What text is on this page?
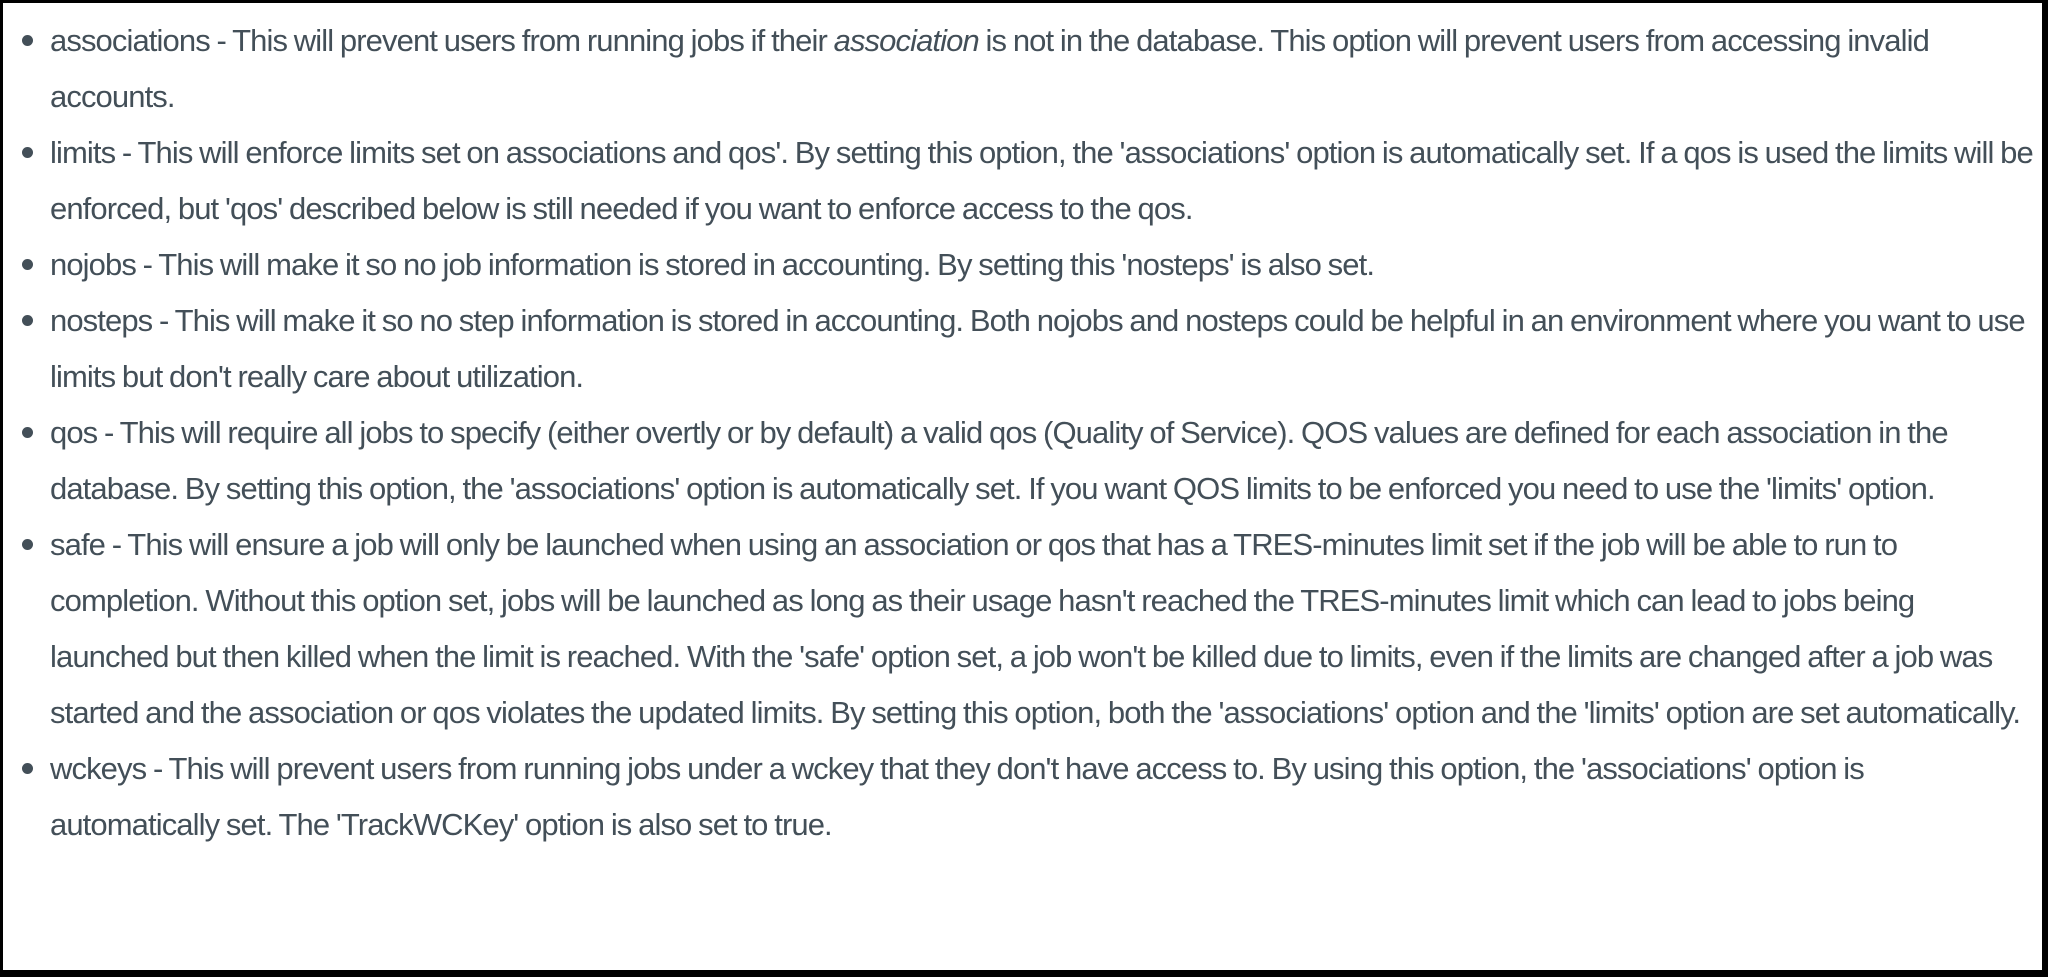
associations - This will prevent users from running jobs if their association is not in the database. This option will prevent users from accessing invalid accounts.
limits - This will enforce limits set on associations and qos'. By setting this option, the 'associations' option is automatically set. If a qos is used the limits will be enforced, but 'qos' described below is still needed if you want to enforce access to the qos.
nojobs - This will make it so no job information is stored in accounting. By setting this 'nosteps' is also set.
nosteps - This will make it so no step information is stored in accounting. Both nojobs and nosteps could be helpful in an environment where you want to use limits but don't really care about utilization.
qos - This will require all jobs to specify (either overtly or by default) a valid qos (Quality of Service). QOS values are defined for each association in the database. By setting this option, the 'associations' option is automatically set. If you want QOS limits to be enforced you need to use the 'limits' option.
safe - This will ensure a job will only be launched when using an association or qos that has a TRES-minutes limit set if the job will be able to run to completion. Without this option set, jobs will be launched as long as their usage hasn't reached the TRES-minutes limit which can lead to jobs being launched but then killed when the limit is reached. With the 'safe' option set, a job won't be killed due to limits, even if the limits are changed after a job was started and the association or qos violates the updated limits. By setting this option, both the 'associations' option and the 'limits' option are set automatically.
wckeys - This will prevent users from running jobs under a wckey that they don't have access to. By using this option, the 'associations' option is automatically set. The 'TrackWCKey' option is also set to true.
